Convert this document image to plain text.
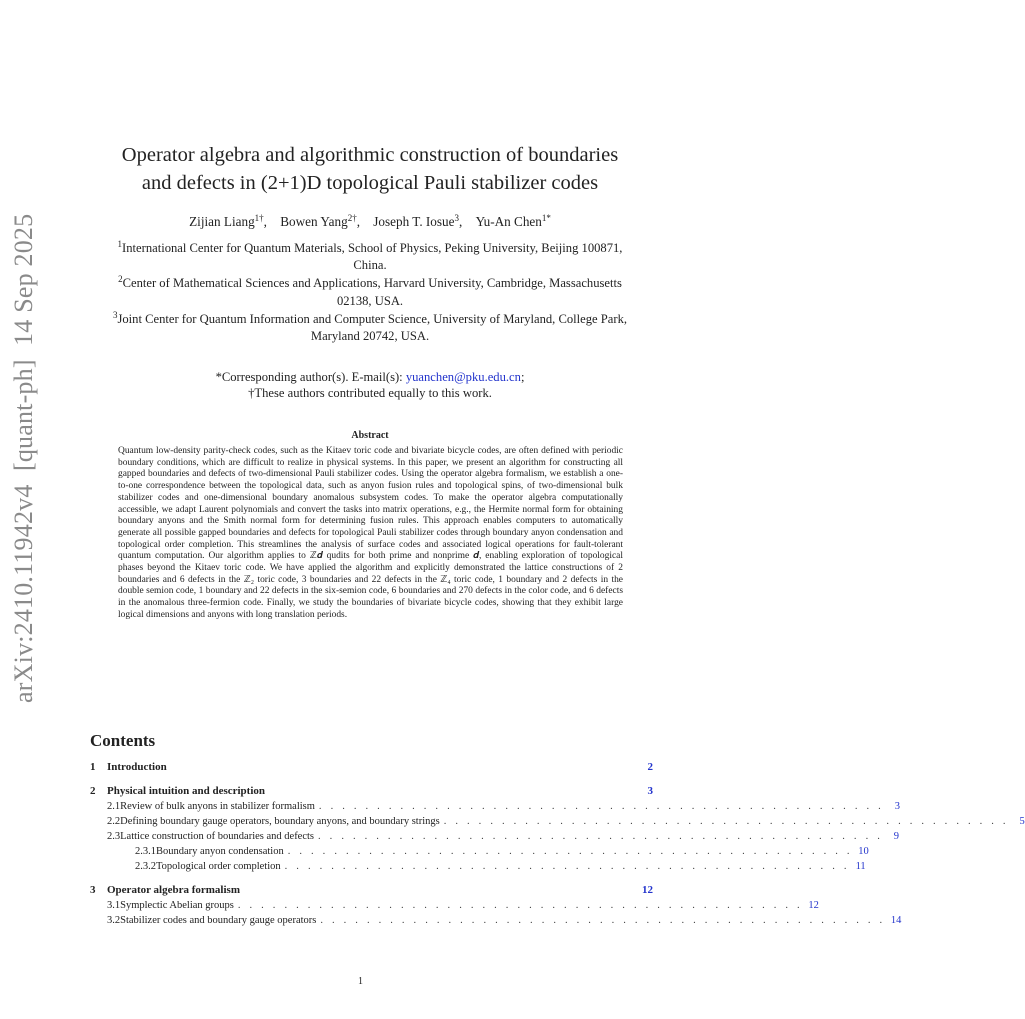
arXiv:2410.11942v4  [quant-ph]  14 Sep 2025
Operator algebra and algorithmic construction of boundaries
and defects in (2+1)D topological Pauli stabilizer codes
Zijian Liang$^{1\dagger}$, Bowen Yang$^{2\dagger}$, Joseph T. Iosue$^3$, Yu-An Chen$^{1*}$
$^1$International Center for Quantum Materials, School of Physics, Peking University, Beijing 100871, China.
$^2$Center of Mathematical Sciences and Applications, Harvard University, Cambridge, Massachusetts 02138, USA.
$^3$Joint Center for Quantum Information and Computer Science, University of Maryland, College Park, Maryland 20742, USA.
*Corresponding author(s). E-mail(s): yuanchen@pku.edu.cn;
†These authors contributed equally to this work.
Abstract
Quantum low-density parity-check codes, such as the Kitaev toric code and bivariate bicycle codes, are often defined with periodic boundary conditions, which are difficult to realize in physical systems. In this paper, we present an algorithm for constructing all gapped boundaries and defects of two-dimensional Pauli stabilizer codes. Using the operator algebra formalism, we establish a one-to-one correspondence between the topological data, such as anyon fusion rules and topological spins, of two-dimensional bulk stabilizer codes and one-dimensional boundary anomalous subsystem codes. To make the operator algebra computationally accessible, we adapt Laurent polynomials and convert the tasks into matrix operations, e.g., the Hermite normal form for obtaining boundary anyons and the Smith normal form for determining fusion rules. This approach enables computers to automatically generate all possible gapped boundaries and defects for topological Pauli stabilizer codes through boundary anyon condensation and topological order completion. This streamlines the analysis of surface codes and associated logical operations for fault-tolerant quantum computation. Our algorithm applies to ℤ𝒅 qudits for both prime and nonprime 𝒅, enabling exploration of topological phases beyond the Kitaev toric code. We have applied the algorithm and explicitly demonstrated the lattice constructions of 2 boundaries and 6 defects in the ℤ₂ toric code, 3 boundaries and 22 defects in the ℤ₄ toric code, 1 boundary and 2 defects in the double semion code, 1 boundary and 22 defects in the six-semion code, 6 boundaries and 270 defects in the color code, and 6 defects in the anomalous three-fermion code. Finally, we study the boundaries of bivariate bicycle codes, showing that they exhibit large logical dimensions and anyons with long translation periods.
Contents
1	Introduction	2
2	Physical intuition and description	3
2.1 Review of bulk anyons in stabilizer formalism . . . . . . . . . . . . . . . . . . . . . . . . . . . . . . . . . . . . . . . . . . . . . . . . .	3
2.2 Defining boundary gauge operators, boundary anyons, and boundary strings . . . . . . . . . . . . . . . . . . . . . . . . . . . . . . . . . . . . . . . . . . . . . . . . .	5
2.3 Lattice construction of boundaries and defects . . . . . . . . . . . . . . . . . . . . . . . . . . . . . . . . . . . . . . . . . . . . . . . . .	9
2.3.1 Boundary anyon condensation . . . . . . . . . . . . . . . . . . . . . . . . . . . . . . . . . . . . . . . . . . . . . . . . . 10
2.3.2 Topological order completion . . . . . . . . . . . . . . . . . . . . . . . . . . . . . . . . . . . . . . . . . . . . . . . . . 11
3	Operator algebra formalism	12
3.1 Symplectic Abelian groups . . . . . . . . . . . . . . . . . . . . . . . . . . . . . . . . . . . . . . . . . . . . . . . . . 12
3.2 Stabilizer codes and boundary gauge operators . . . . . . . . . . . . . . . . . . . . . . . . . . . . . . . . . . . . . . . . . . . . . . . . . 14
1
